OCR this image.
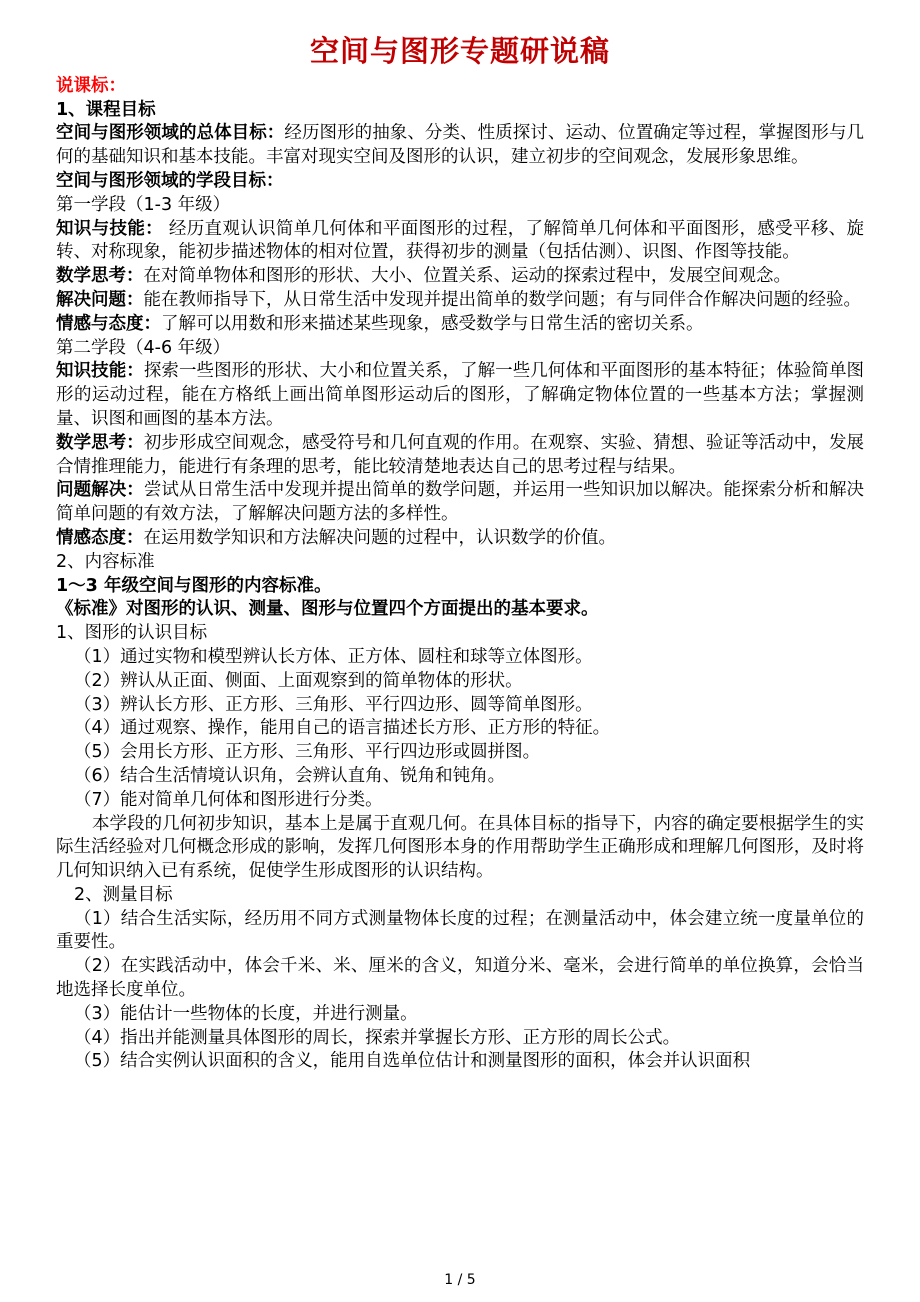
空间与图形专题研说稿

说课标：

1、课程目标

空间与图形领域的总体目标：经历图形的抽象、分类、性质探讨、运动、位置确定等过程，掌握图形与几何的基础知识和基本技能。丰富对现实空间及图形的认识，建立初步的空间观念，发展形象思维。

空间与图形领域的学段目标：

第一学段（1-3 年级）

知识与技能： 经历直观认识简单几何体和平面图形的过程，了解简单几何体和平面图形，感受平移、旋转、对称现象，能初步描述物体的相对位置，获得初步的测量（包括估测）、识图、作图等技能。

数学思考：在对简单物体和图形的形状、大小、位置关系、运动的探索过程中，发展空间观念。

解决问题：能在教师指导下，从日常生活中发现并提出简单的数学问题；有与同伴合作解决问题的经验。

情感与态度：了解可以用数和形来描述某些现象，感受数学与日常生活的密切关系。

第二学段（4-6 年级）

知识技能：探索一些图形的形状、大小和位置关系，了解一些几何体和平面图形的基本特征；体验简单图形的运动过程，能在方格纸上画出简单图形运动后的图形，了解确定物体位置的一些基本方法；掌握测量、识图和画图的基本方法。

数学思考：初步形成空间观念，感受符号和几何直观的作用。在观察、实验、猜想、验证等活动中，发展合情推理能力，能进行有条理的思考，能比较清楚地表达自己的思考过程与结果。

问题解决：尝试从日常生活中发现并提出简单的数学问题，并运用一些知识加以解决。能探索分析和解决简单问题的有效方法，了解解决问题方法的多样性。

情感态度：在运用数学知识和方法解决问题的过程中，认识数学的价值。

2、内容标准

1～3 年级空间与图形的内容标准。

《标准》对图形的认识、测量、图形与位置四个方面提出的基本要求。

1、图形的认识目标

（1）通过实物和模型辨认长方体、正方体、圆柱和球等立体图形。

（2）辨认从正面、侧面、上面观察到的简单物体的形状。

（3）辨认长方形、正方形、三角形、平行四边形、圆等简单图形。

（4）通过观察、操作，能用自己的语言描述长方形、正方形的特征。

（5）会用长方形、正方形、三角形、平行四边形或圆拼图。

（6）结合生活情境认识角，会辨认直角、锐角和钝角。

（7）能对简单几何体和图形进行分类。

本学段的几何初步知识，基本上是属于直观几何。在具体目标的指导下，内容的确定要根据学生的实际生活经验对几何概念形成的影响，发挥几何图形本身的作用帮助学生正确形成和理解几何图形，及时将几何知识纳入已有系统，促使学生形成图形的认识结构。

2、测量目标

（1）结合生活实际，经历用不同方式测量物体长度的过程；在测量活动中，体会建立统一度量单位的重要性。

（2）在实践活动中，体会千米、米、厘米的含义，知道分米、毫米，会进行简单的单位换算，会恰当地选择长度单位。

（3）能估计一些物体的长度，并进行测量。

（4）指出并能测量具体图形的周长，探索并掌握长方形、正方形的周长公式。

（5）结合实例认识面积的含义，能用自选单位估计和测量图形的面积，体会并认识面积

1 / 5
